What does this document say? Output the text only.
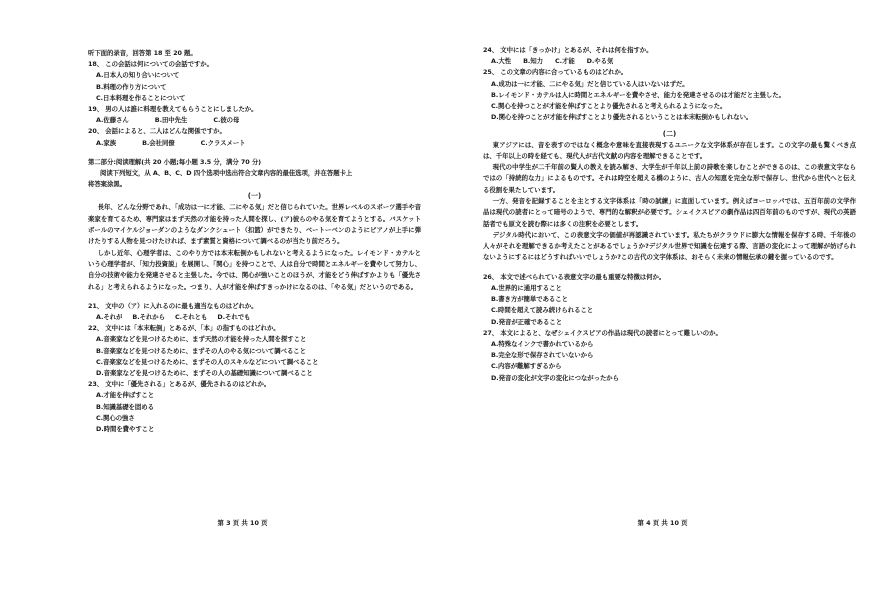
听下面的录音，回答第 18 至 20 题。
18、 この会話は何についての会話ですか。
A.日本人の知り合いについて
B.料理の作り方について
C.日本料理を作ることについて
19、 男の人は誰に料理を教えてもらうことにしましたか。
A.佐藤さん	B.田中先生	C.彼の母
20、 会話によると、二人はどんな関係ですか。
A.家族	B.会社同僚	C.クラスメート
第二部分:阅读理解(共 20 小题;每小题 3.5 分，满分 70 分)
阅读下列短文，从 A、B、C、D 四个选项中选出符合文章内容的最佳选项，并在答题卡上
将答案涂黑。
(一)
長年、どんな分野であれ、「成功は一に才能、二にやる気」だと信じられていた。世界レベルのスポーツ選手や音楽家を育てるため、専門家はまず天然の才能を持った人間を探し、(ア)彼らのやる気を育てようとする。バスケットボールのマイケルジョーダンのようなダンクシュート（扣篮）ができたり、ベートーベンのようにピアノが上手に弾けたりする人物を見つけたければ、まず素質と資格について調べるのが当たり前だろう。
しかし近年、心理学者は、このやり方では本末転倒かもしれないと考えるようになった。レイモンド・カテルという心理学者が、「知力投資説」を展開し、「関心」を持つことで、人は自分で時間とエネルギーを費やして努力し、自分の技術や能力を発達させると主張した。今では、関心が強いことのほうが、才能をどう伸ばすかよりも「優先される」と考えられるようになった。つまり、人が才能を伸ばすきっかけになるのは、「やる気」だというのである。
21、 文中の（ア）に入れるのに最も適当なものはどれか。
A.それが B.それから C.それとも D.それでも
22、 文中には「本末転倒」とあるが、「本」の指すものはどれか。
A.音楽家などを見つけるために、まず天然の才能を持った人間を探すこと
B.音楽家などを見つけるために、まずその人のやる気について調べること
C.音楽家などを見つけるために、まずその人のスキルなどについて調べること
D.音楽家などを見つけるために、まずその人の基礎知識について調べること
23、 文中に「優先される」とあるが、優先されるのはどれか。
A.才能を伸ばすこと
B.知識基礎を固める
C.関心の強さ
D.時間を費やすこと
第 3 页 共 10 页
24、 文中には「きっかけ」とあるが、それは何を指すか。
A.大性 B.知力 C.才能 D.やる気
25、 この文章の内容に合っているものはどれか。
A.成功は一に才能、二にやる気」だと信じている人はいないはずだ。
B.レイモンド・カテルは人に時間とエネルギーを費やさせ、能力を発達させるのは才能だと主張した。
C.関心を持つことが才能を伸ばすことより優先されると考えられるようになった。
D.関心を持つことが才能を伸ばすことより優先されるということは本末転倒かもしれない。
(二)
東アジアには、音を表すのではなく概念や意味を直接表現するユニークな文字体系が存在します。この文字の最も驚くべき点は、千年以上の時を経ても、現代人が古代文献の内容を理解できることです。
現代の中学生が二千年前の賢人の教えを読み解き、大学生が千年以上前の詩歌を楽しむことができるのは、この表意文字ならではの「持続的な力」によるものです。それは時空を超える橋のように、古人の知恵を完全な形で保存し、世代から世代へと伝える役割を果たしています。
一方、発音を記録することを主とする文字体系は「時の試練」に直面しています。例えばヨーロッパでは、五百年前の文学作品は現代の読者にとって暗号のようで、専門的な解釈が必要です。シェイクスピアの劇作品は四百年前のものですが、現代の英語話者でも原文を読む際には多くの注釈を必要とします。
デジタル時代において、この表意文字の価値が再認識されています。私たちがクラウドに膨大な情報を保存する時、千年後の人々がそれを理解できるか考えたことがあるでしょうか?デジタル世界で知識を伝達する際、言語の変化によって理解が妨げられないようにするにはどうすればいいでしょうか?この古代の文字体系は、おそらく未来の情報伝承の鍵を握っているのです。
26、 本文で述べられている表意文字の最も重要な特徴は何か。
A.世界的に通用すること
B.書き方が簡単であること
C.時間を超えて読み続けられること
D.発音が正確であること
27、 本文によると、なぜシェイクスピアの作品は現代の読者にとって難しいのか。
A.特殊なインクで書かれているから
B.完全な形で保存されていないから
C.内容が難解すぎるから
D.発音の変化が文字の変化につながったから
第 4 页 共 10 页
